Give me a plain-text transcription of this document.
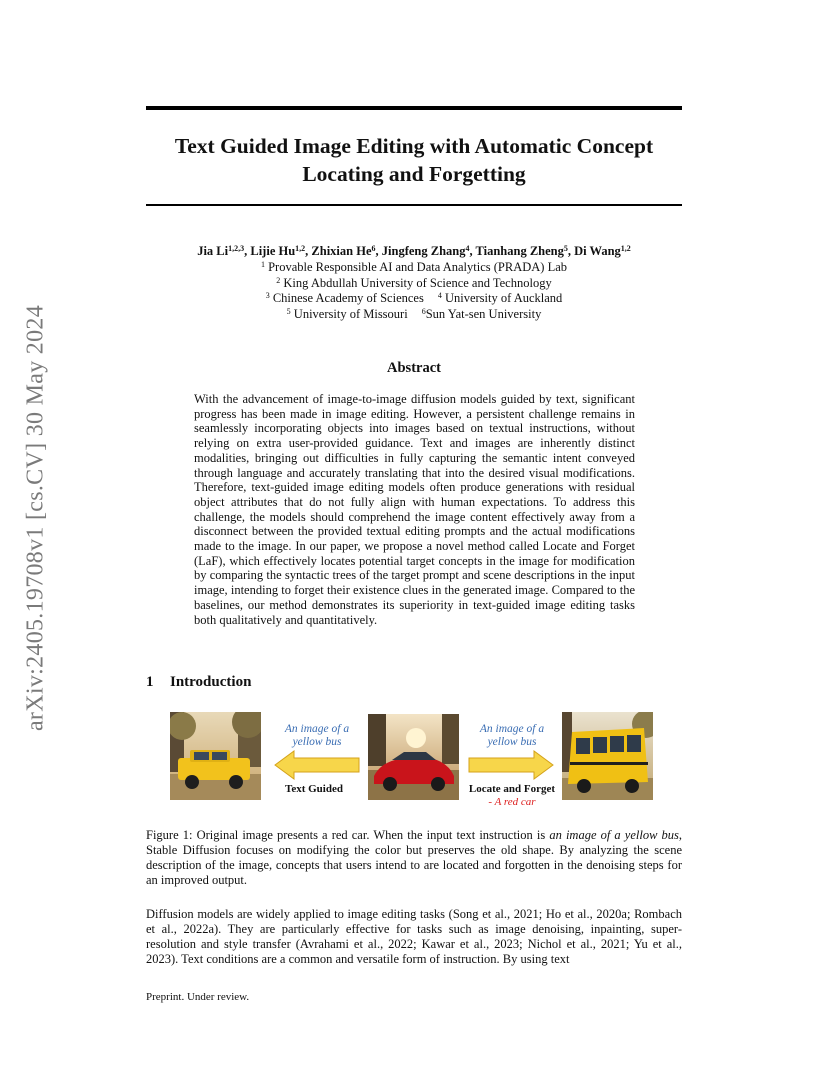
arXiv:2405.19708v1 [cs.CV] 30 May 2024
Text Guided Image Editing with Automatic Concept Locating and Forgetting
Jia Li$^{1,2,3}$, Lijie Hu$^{1,2}$, Zhixian He$^6$, Jingfeng Zhang$^4$, Tianhang Zheng$^5$, Di Wang$^{1,2}$
$^1$ Provable Responsible AI and Data Analytics (PRADA) Lab
$^2$ King Abdullah University of Science and Technology
$^3$ Chinese Academy of Sciences $^4$ University of Auckland
$^5$ University of Missouri $^6$Sun Yat-sen University
Abstract

With the advancement of image-to-image diffusion models guided by text, significant progress has been made in image editing. However, a persistent challenge remains in seamlessly incorporating objects into images based on textual instructions, without relying on extra user-provided guidance. Text and images are inherently distinct modalities, bringing out difficulties in fully capturing the semantic intent conveyed through language and accurately translating that into the desired visual modifications. Therefore, text-guided image editing models often produce generations with residual object attributes that do not fully align with human expectations. To address this challenge, the models should comprehend the image content effectively away from a disconnect between the provided textual editing prompts and the actual modifications made to the image. In our paper, we propose a novel method called Locate and Forget (LaF), which effectively locates potential target concepts in the image for modification by comparing the syntactic trees of the target prompt and scene descriptions in the input image, intending to forget their existence clues in the generated image. Compared to the baselines, our method demonstrates its superiority in text-guided image editing tasks both qualitatively and quantitatively.

1 Introduction
An image of a
yellow bus
Text Guided
An image of a
yellow bus
Locate and Forget
- A red car

Figure 1: Original image presents a red car. When the input text instruction is an image of a yellow bus, Stable Diffusion focuses on modifying the color but preserves the old shape. By analyzing the scene description of the image, concepts that users intend to are located and forgotten in the denoising steps for an improved output.

Diffusion models are widely applied to image editing tasks (Song et al., 2021; Ho et al., 2020a; Rombach et al., 2022a). They are particularly effective for tasks such as image denoising, inpainting, super-resolution and style transfer (Avrahami et al., 2022; Kawar et al., 2023; Nichol et al., 2021; Yu et al., 2023). Text conditions are a common and versatile form of instruction. By using text

Preprint. Under review.
